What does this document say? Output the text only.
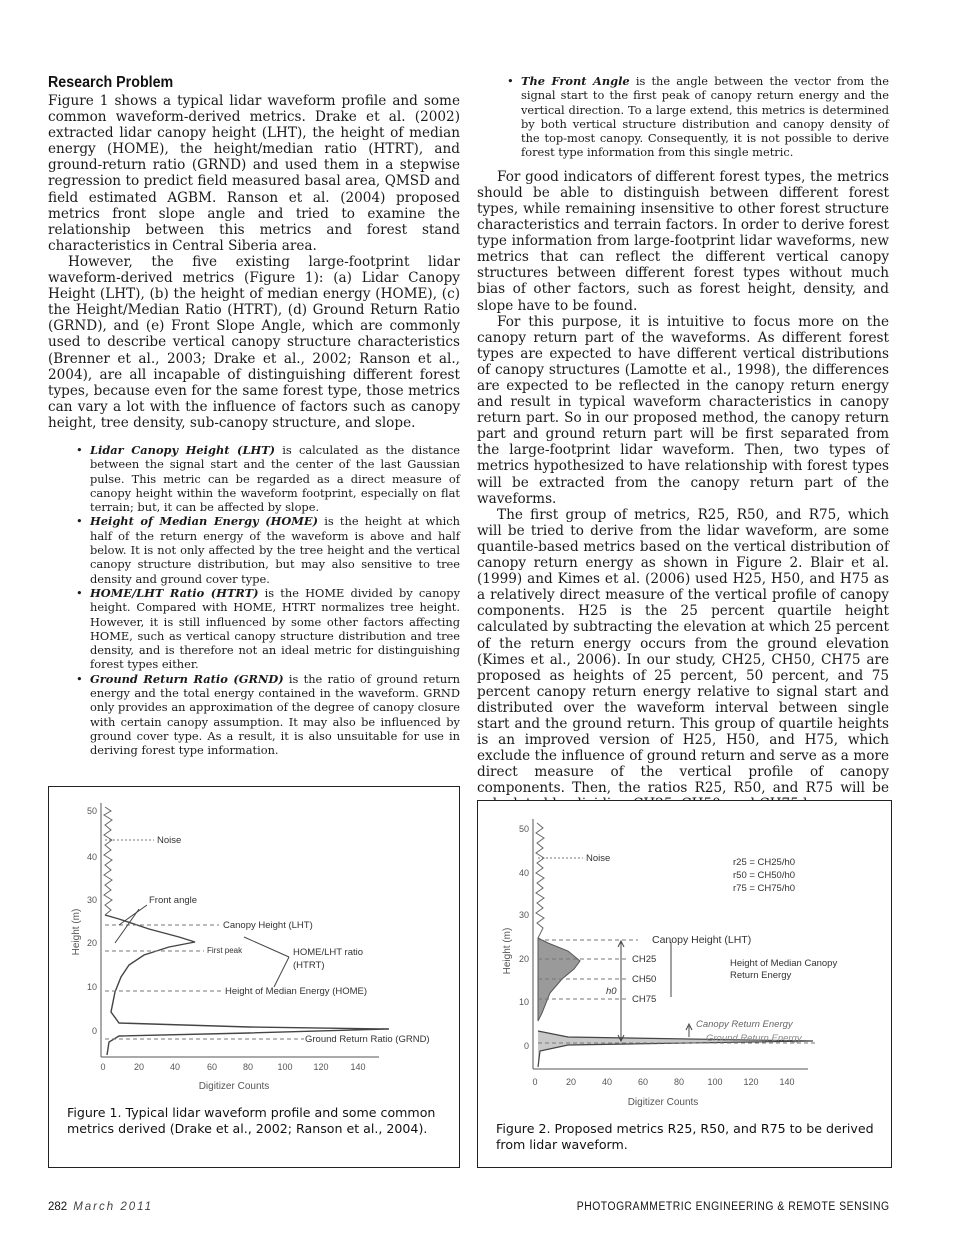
Research Problem

Figure 1 shows a typical lidar waveform profile and some common waveform-derived metrics. Drake et al. (2002) extracted lidar canopy height (LHT), the height of median energy (HOME), the height/median ratio (HTRT), and ground-return ratio (GRND) and used them in a stepwise regression to predict field measured basal area, QMSD and field estimated AGBM. Ranson et al. (2004) proposed metrics front slope angle and tried to examine the relationship between this metrics and forest stand characteristics in Central Siberia area.

However, the five existing large-footprint lidar waveform-derived metrics (Figure 1): (a) Lidar Canopy Height (LHT), (b) the height of median energy (HOME), (c) the Height/Median Ratio (HTRT), (d) Ground Return Ratio (GRND), and (e) Front Slope Angle, which are commonly used to describe vertical canopy structure characteristics (Brenner et al., 2003; Drake et al., 2002; Ranson et al., 2004), are all incapable of distinguishing different forest types, because even for the same forest type, those metrics can vary a lot with the influence of factors such as canopy height, tree density, sub-canopy structure, and slope.

• Lidar Canopy Height (LHT) is calculated as the distance between the signal start and the center of the last Gaussian pulse. This metric can be regarded as a direct measure of canopy height within the waveform footprint, especially on flat terrain; but, it can be affected by slope.
• Height of Median Energy (HOME) is the height at which half of the return energy of the waveform is above and half below. It is not only affected by the tree height and the vertical canopy structure distribution, but may also sensitive to tree density and ground cover type.
• HOME/LHT Ratio (HTRT) is the HOME divided by canopy height. Compared with HOME, HTRT normalizes tree height. However, it is still influenced by some other factors affecting HOME, such as vertical canopy structure distribution and tree density, and is therefore not an ideal metric for distinguishing forest types either.
• Ground Return Ratio (GRND) is the ratio of ground return energy and the total energy contained in the waveform. GRND only provides an approximation of the degree of canopy closure with certain canopy assumption. It may also be influenced by ground cover type. As a result, it is also unsuitable for use in deriving forest type information.
• The Front Angle is the angle between the vector from the signal start to the first peak of canopy return energy and the vertical direction. To a large extend, this metrics is determined by both vertical structure distribution and canopy density of the top-most canopy. Consequently, it is not possible to derive forest type information from this single metric.

For good indicators of different forest types, the metrics should be able to distinguish between different forest types, while remaining insensitive to other forest structure characteristics and terrain factors. In order to derive forest type information from large-footprint lidar waveforms, new metrics that can reflect the different vertical canopy structures between different forest types without much bias of other factors, such as forest height, density, and slope have to be found.

For this purpose, it is intuitive to focus more on the canopy return part of the waveforms. As different forest types are expected to have different vertical distributions of canopy structures (Lamotte et al., 1998), the differences are expected to be reflected in the canopy return energy and result in typical waveform characteristics in canopy return part. So in our proposed method, the canopy return part and ground return part will be first separated from the large-footprint lidar waveform. Then, two types of metrics hypothesized to have relationship with forest types will be extracted from the canopy return part of the waveforms.

The first group of metrics, R25, R50, and R75, which will be tried to derive from the lidar waveform, are some quantile-based metrics based on the vertical distribution of canopy return energy as shown in Figure 2. Blair et al. (1999) and Kimes et al. (2006) used H25, H50, and H75 as a relatively direct measure of the vertical profile of canopy components. H25 is the 25 percent quartile height calculated by subtracting the elevation at which 25 percent of the return energy occurs from the ground elevation (Kimes et al., 2006). In our study, CH25, CH50, CH75 are proposed as heights of 25 percent, 50 percent, and 75 percent canopy return energy relative to signal start and distributed over the waveform interval between single start and the ground return. This group of quartile heights is an improved version of H25, H50, and H75, which exclude the influence of ground return and serve as a more direct measure of the vertical profile of canopy components. Then, the ratios R25, R50, and R75 will be

50
40
30
20
10
0
Height (m)
0	20	40	60	80	100 120 140
Digitizer Counts
Noise
Front angle
Canopy Height (LHT)
First peak	HOME/LHT ratio
(HTRT)
Height of Median Energy (HOME)
Ground Return Ratio (GRND)
Figure 1. Typical lidar waveform profile and some common metrics derived (Drake et al., 2002; Ranson et al., 2004).
50
40
30
20
10
0
Height (m)
0	20	40	60	80	100 120 140
Digitizer Counts
Noise	r25 = CH25/h0
r50 = CH50/h0
r75 = CH75/h0
Canopy Height (LHT)
CH25
CH50
CH75
h0
Height of Median Canopy
Return Energy
Canopy Return Energy
Ground Return Energy
Figure 2. Proposed metrics R25, R50, and R75 to be derived from lidar waveform.
282 March 2011	PHOTOGRAMMETRIC ENGINEERING & REMOTE SENSING
